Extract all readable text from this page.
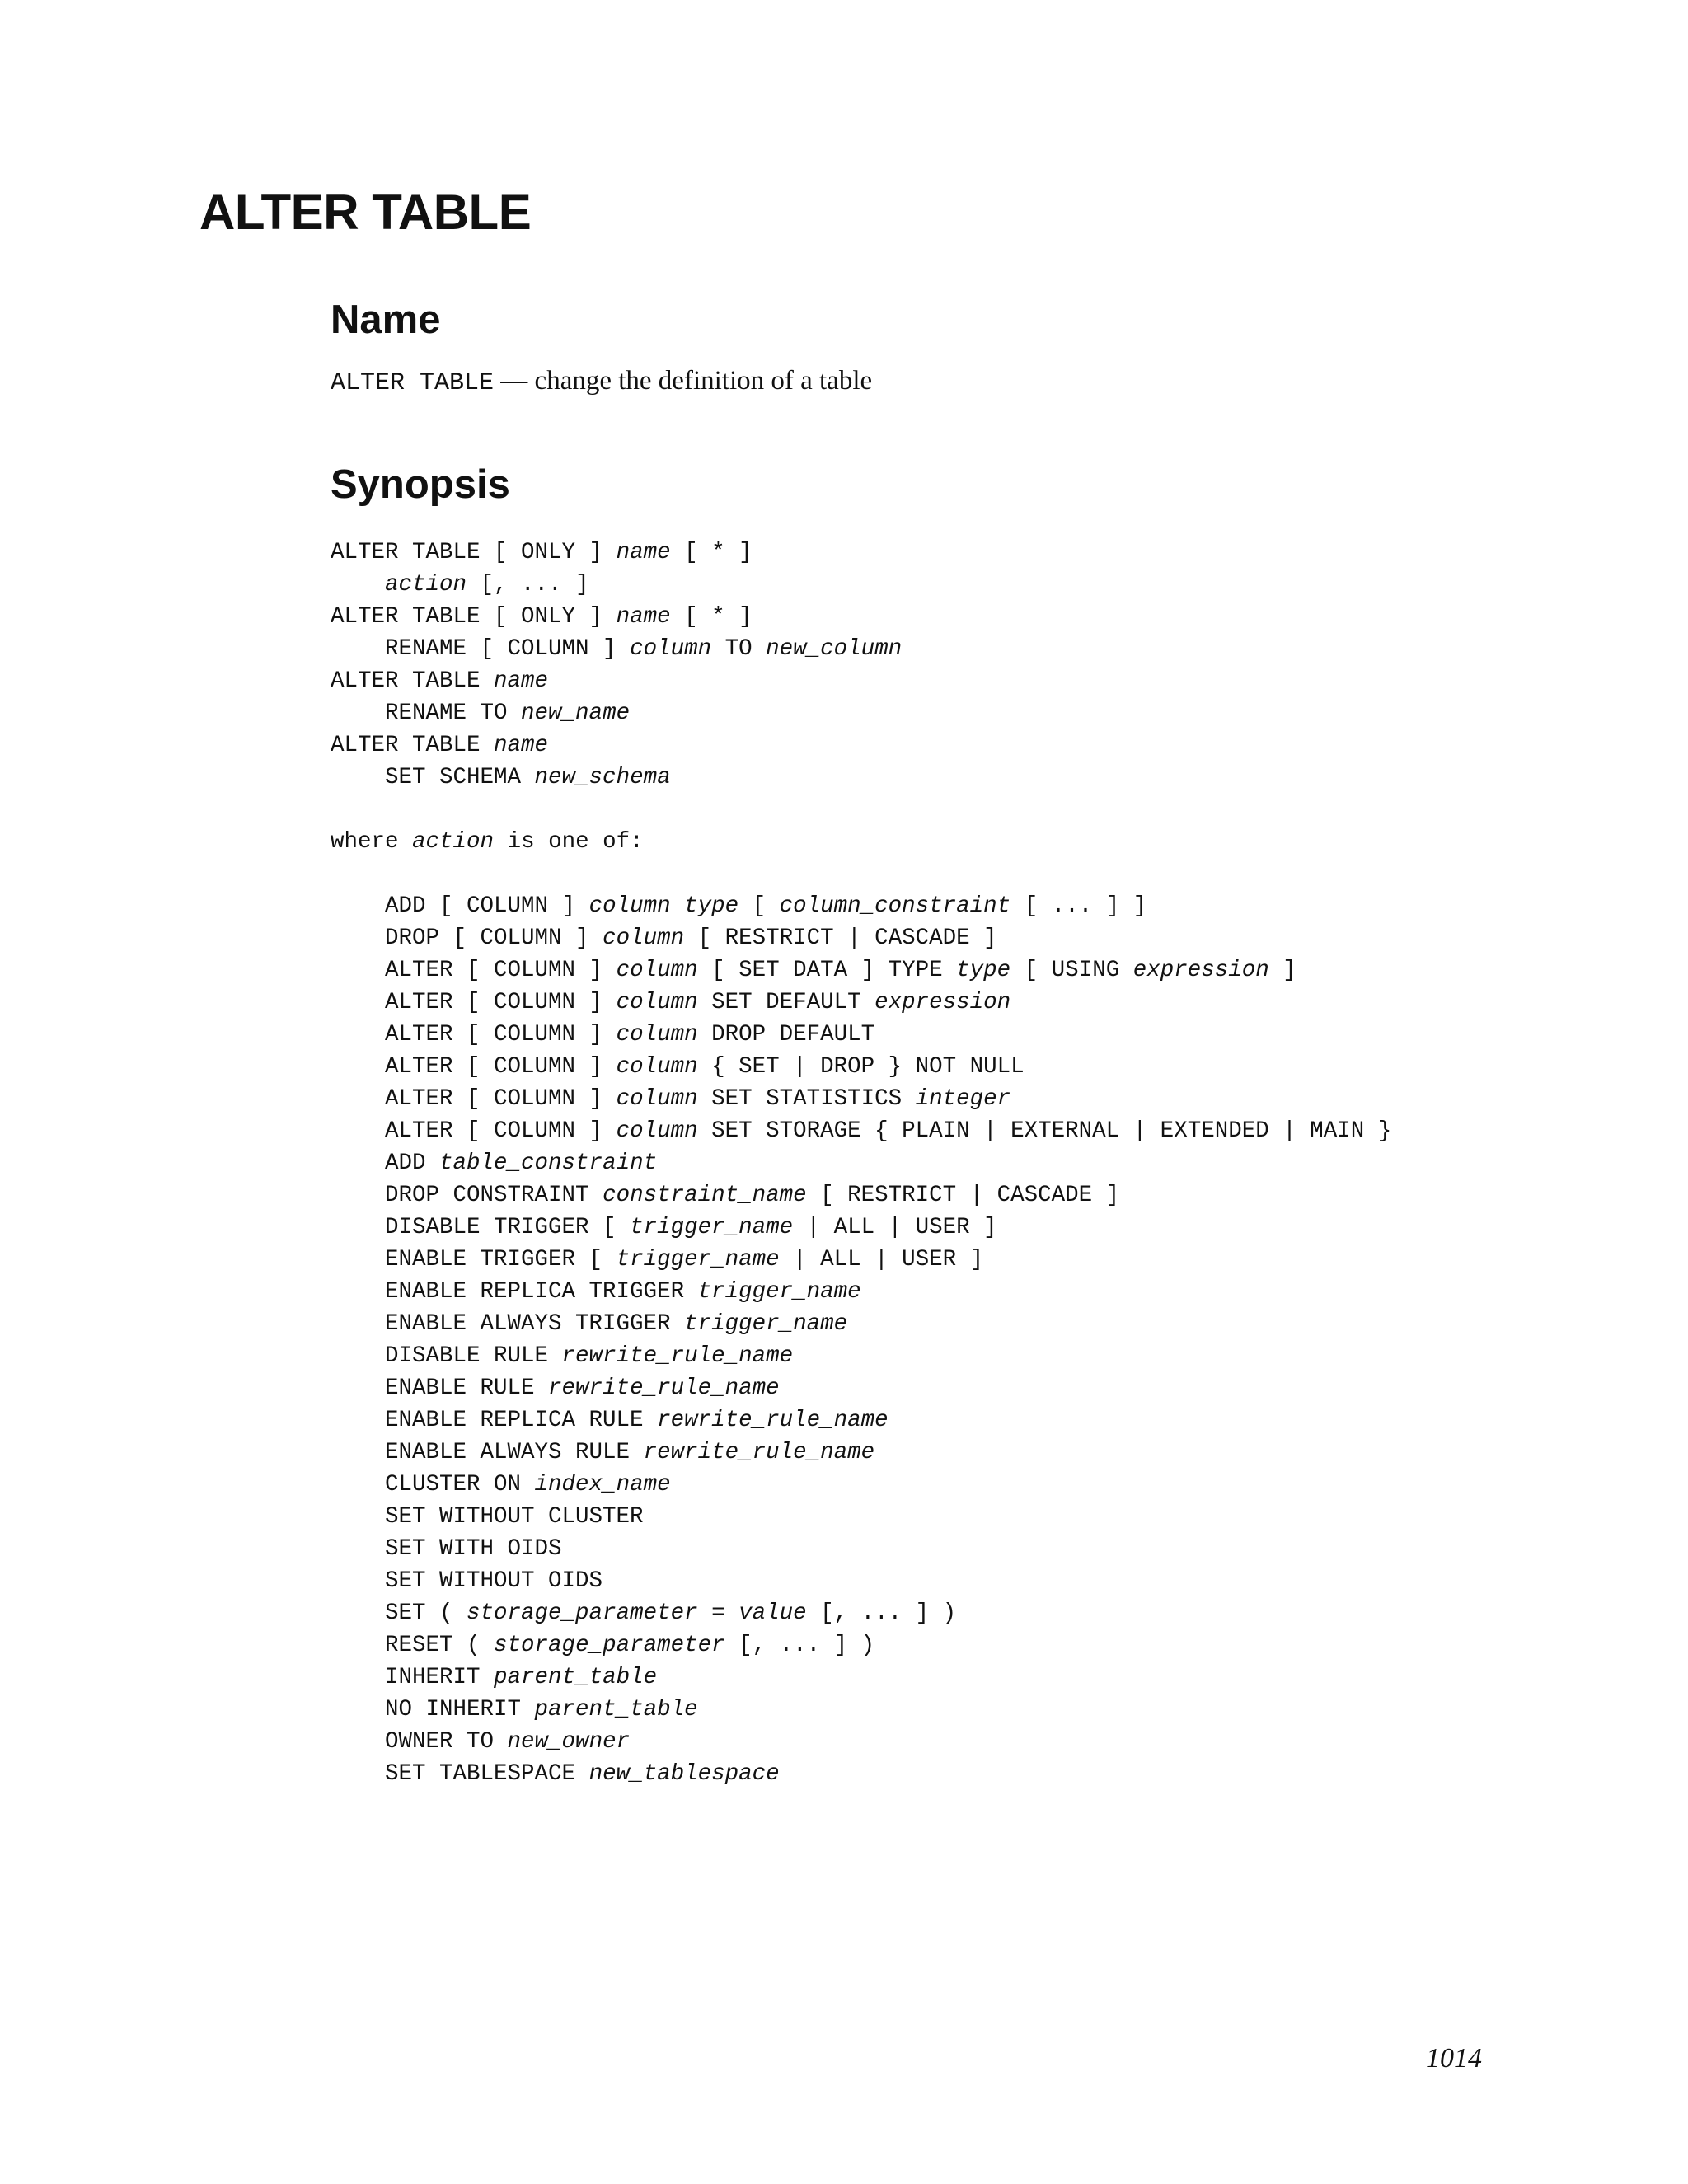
ALTER TABLE
Name
ALTER TABLE — change the definition of a table
Synopsis
ALTER TABLE [ ONLY ] name [ * ]
action [, ... ]
ALTER TABLE [ ONLY ] name [ * ]
RENAME [ COLUMN ] column TO new_column
ALTER TABLE name
RENAME TO new_name
ALTER TABLE name
SET SCHEMA new_schema
where action is one of:
ADD [ COLUMN ] column type [ column_constraint [ ... ] ]
DROP [ COLUMN ] column [ RESTRICT | CASCADE ]
ALTER [ COLUMN ] column [ SET DATA ] TYPE type [ USING expression ]
ALTER [ COLUMN ] column SET DEFAULT expression
ALTER [ COLUMN ] column DROP DEFAULT
ALTER [ COLUMN ] column { SET | DROP } NOT NULL
ALTER [ COLUMN ] column SET STATISTICS integer
ALTER [ COLUMN ] column SET STORAGE { PLAIN | EXTERNAL | EXTENDED | MAIN }
ADD table_constraint
DROP CONSTRAINT constraint_name [ RESTRICT | CASCADE ]
DISABLE TRIGGER [ trigger_name | ALL | USER ]
ENABLE TRIGGER [ trigger_name | ALL | USER ]
ENABLE REPLICA TRIGGER trigger_name
ENABLE ALWAYS TRIGGER trigger_name
DISABLE RULE rewrite_rule_name
ENABLE RULE rewrite_rule_name
ENABLE REPLICA RULE rewrite_rule_name
ENABLE ALWAYS RULE rewrite_rule_name
CLUSTER ON index_name
SET WITHOUT CLUSTER
SET WITH OIDS
SET WITHOUT OIDS
SET ( storage_parameter = value [, ... ] )
RESET ( storage_parameter [, ... ] )
INHERIT parent_table
NO INHERIT parent_table
OWNER TO new_owner
SET TABLESPACE new_tablespace
1014
